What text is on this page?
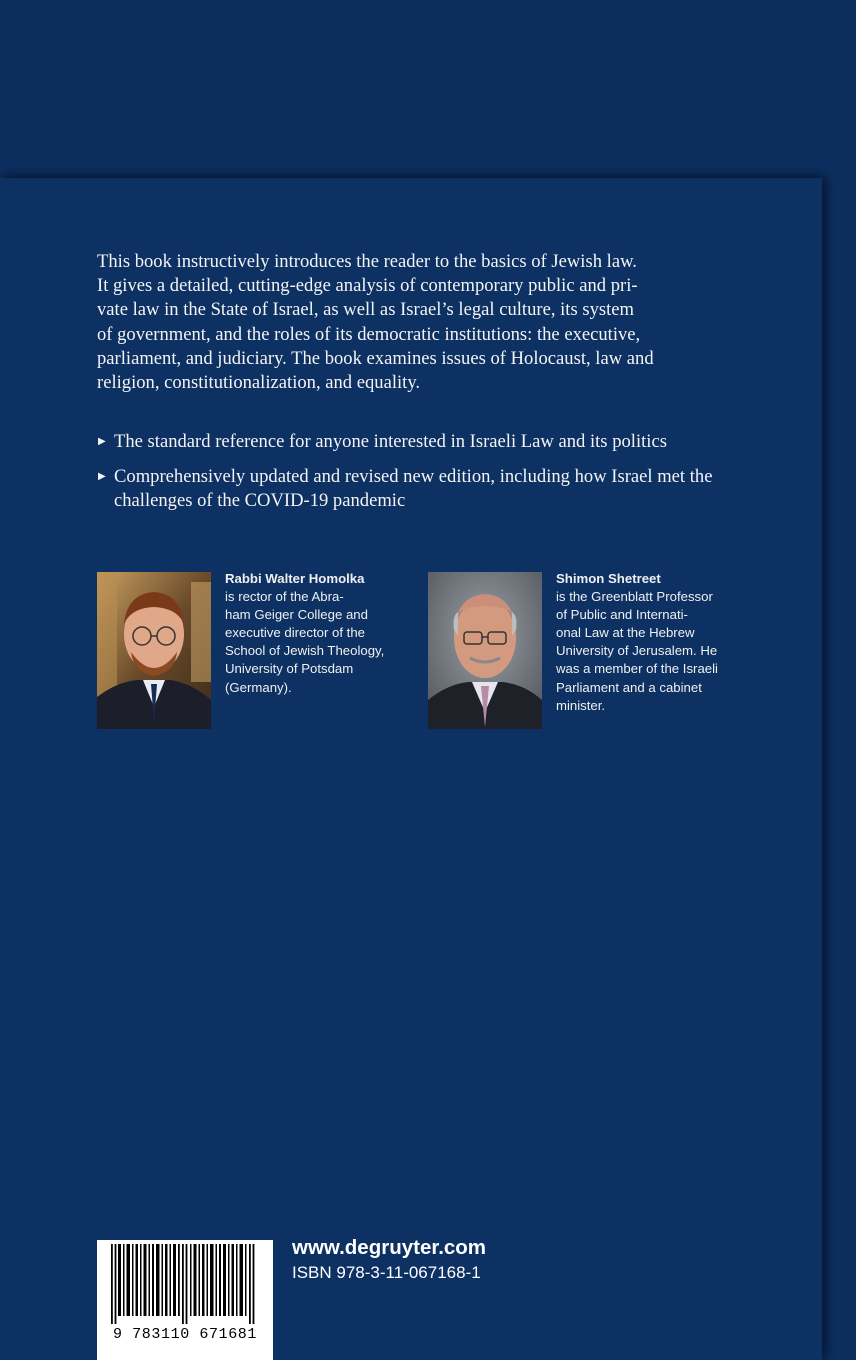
This book instructively introduces the reader to the basics of Jewish law.
It gives a detailed, cutting-edge analysis of contemporary public and pri-
vate law in the State of Israel, as well as Israel’s legal culture, its system
of government, and the roles of its democratic institutions: the executive,
parliament, and judiciary. The book examines issues of Holocaust, law and
religion, constitutionalization, and equality.

▶ The standard reference for anyone interested in Israeli Law and its politics
▶ Comprehensively updated and revised new edition, including how Israel met the challenges of the COVID-19 pandemic
Rabbi Walter Homolka
is rector of the Abra-
ham Geiger College and
executive director of the
School of Jewish Theology,
University of Potsdam
(Germany).
Shimon Shetreet
is the Greenblatt Professor
of Public and Internati-
onal Law at the Hebrew
University of Jerusalem. He
was a member of the Israeli
Parliament and a cabinet
minister.
9 783110 671681
www.degruyter.com
ISBN 978-3-11-067168-1
